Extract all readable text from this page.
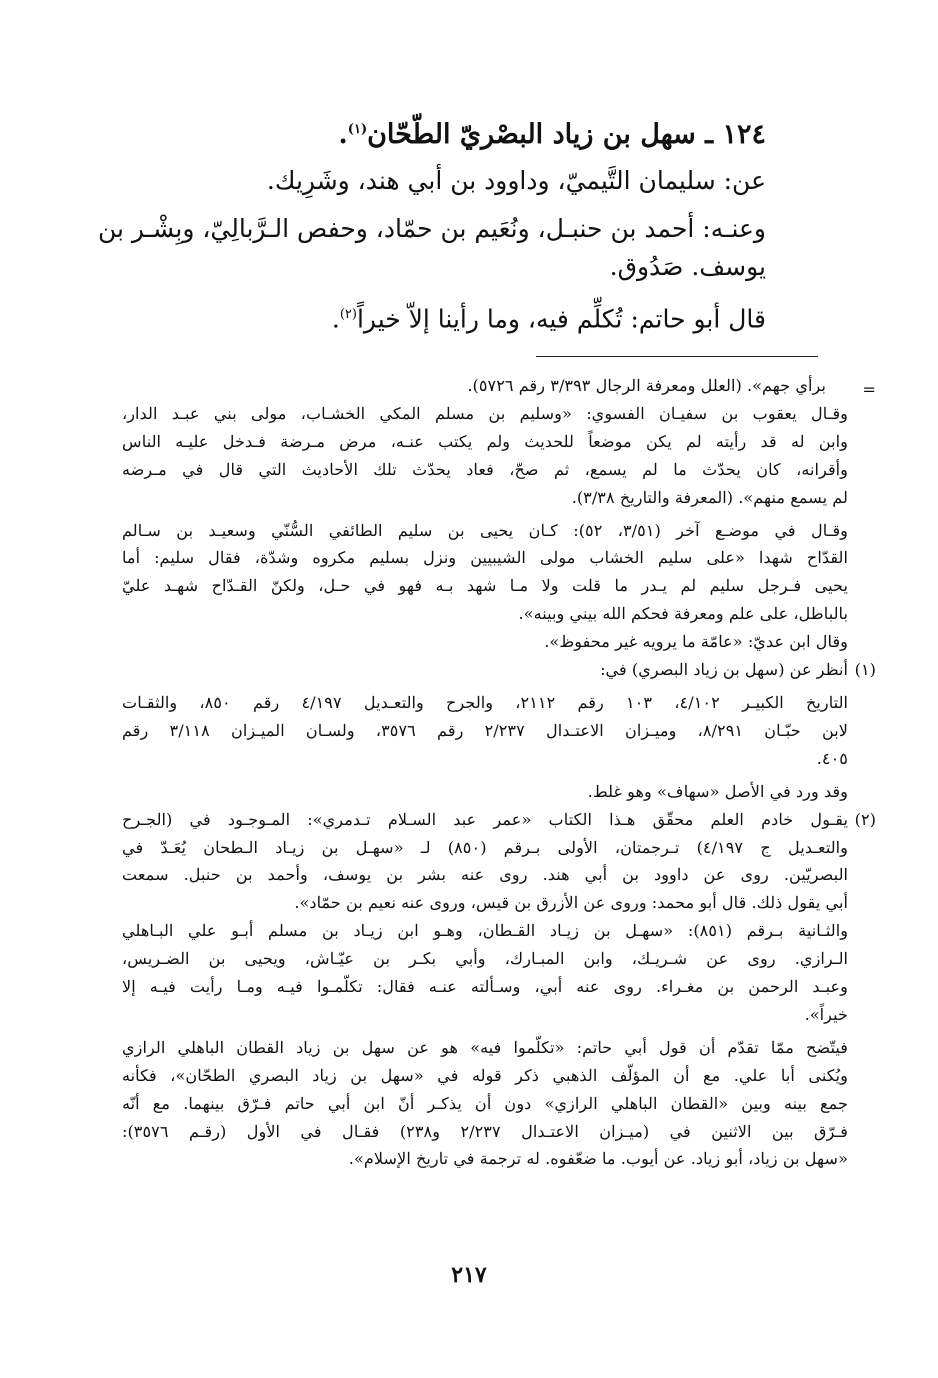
١٢٤ ـ سهل بن زياد البصْريّ الطّحّان$^{(١)}$.

عن: سليمان التَّيميّ، وداوود بن أبي هند، وشَرِيك.

وعنـه: أحمد بن حنبـل، ونُعَيم بن حمّاد، وحفص الـرَّبالِيّ، وبِشْـر بن

يوسف. صَدُوق.

قال أبو حاتم: تُكلِّم فيه، وما رأينا إلاّ خيراً$^{(٢)}$.

=

برأي جهم». (العلل ومعرفة الرجال ٣/٣٩٣ رقم ٥٧٢٦).

وقـال يعقوب بن سفيـان الفسوي: «وسليم بن مسلم المكي الخشـاب، مولى بني عبـد الدار،

وابن له قد رأيته لم يكن موضعاً للحديث ولم يكتب عنـه، مرض مـرضة فـدخل عليـه الناس

وأقرانه، كان يحدّث ما لم يسمع، ثم صحّ، فعاد يحدّث تلك الأحاديث التي قال في مـرضه

لم يسمع منهم». (المعرفة والتاريخ ٣/٣٨).

وقـال في موضـع آخر (٣/٥١، ٥٢): كـان يحيى بن سليم الطائفي السُّنّي وسعيـد بن سـالم

القدّاح شهدا «على سليم الخشاب مولى الشيبيين ونزل بسليم مكروه وشدّة، فقال سليم: أما

يحيى فـرجل سليم لم يـدر ما قلت ولا مـا شهد بـه فهو في حـل، ولكنّ القـدّاح شهـد عليّ

بالباطل، على علم ومعرفة فحكم الله بيني وبينه».

وقال ابن عديّ: «عامّة ما يرويه غير محفوظ».

(١)

أنظر عن (سهل بن زياد البصري) في:

التاريخ الكبيـر ٤/١٠٢، ١٠٣ رقم ٢١١٢، والجرح والتعـديل ٤/١٩٧ رقم ٨٥٠، والثقـات

لابن حبّـان ٨/٢٩١، وميـزان الاعتـدال ٢/٢٣٧ رقم ٣٥٧٦، ولسـان الميـزان ٣/١١٨ رقم

٤٠٥.

وقد ورد في الأصل «سهاف» وهو غلط.

(٢)

يقـول خادم العلم محقّق هـذا الكتاب «عمر عبد السـلام تـدمري»: المـوجـود في (الجـرح

والتعـديل ج ٤/١٩٧) تـرجمتان، الأولى بـرقم (٨٥٠) لـ «سهـل بن زيـاد الـطحان يُعَـدّ في

البصريّين. روى عن داوود بن أبي هند. روى عنه بشر بن يوسف، وأحمد بن حنبل. سمعت

أبي يقول ذلك. قال أبو محمد: وروى عن الأزرق بن قيس، وروى عنه نعيم بن حمّاد».

والثـانية بـرقم (٨٥١): «سهـل بن زيـاد القـطان، وهـو ابن زيـاد بن مسلم أبـو علي البـاهلي

الـرازي. روى عن شـريـك، وابن المبـارك، وأبي بكـر بن عيّـاش، ويحيى بن الضـريس،

وعبـد الرحمن بن مغـراء. روى عنه أبي، وسـألته عنـه فقال: تكلّمـوا فيـه ومـا رأيت فيـه إلا

خيراً».

فيتّضح ممّا تقدّم أن قول أبي حاتم: «تكلّموا فيه» هو عن سهل بن زياد القطان الباهلي الرازي

ويُكنى أبا علي. مع أن المؤلّف الذهبي ذكر قوله في «سهل بن زياد البصري الطحّان»، فكأنه

جمع بينه وبين «القطان الباهلي الرازي» دون أن يذكـر أنّ ابن أبي حاتم فـرّق بينهما. مع أنّه

فـرّق بين الاثنين في (ميـزان الاعتـدال ٢/٢٣٧ و٢٣٨) فقـال في الأول (رقـم ٣٥٧٦):

«سهل بن زياد، أبو زياد. عن أيوب. ما ضعّفوه. له ترجمة في تاريخ الإسلام».

٢١٧
